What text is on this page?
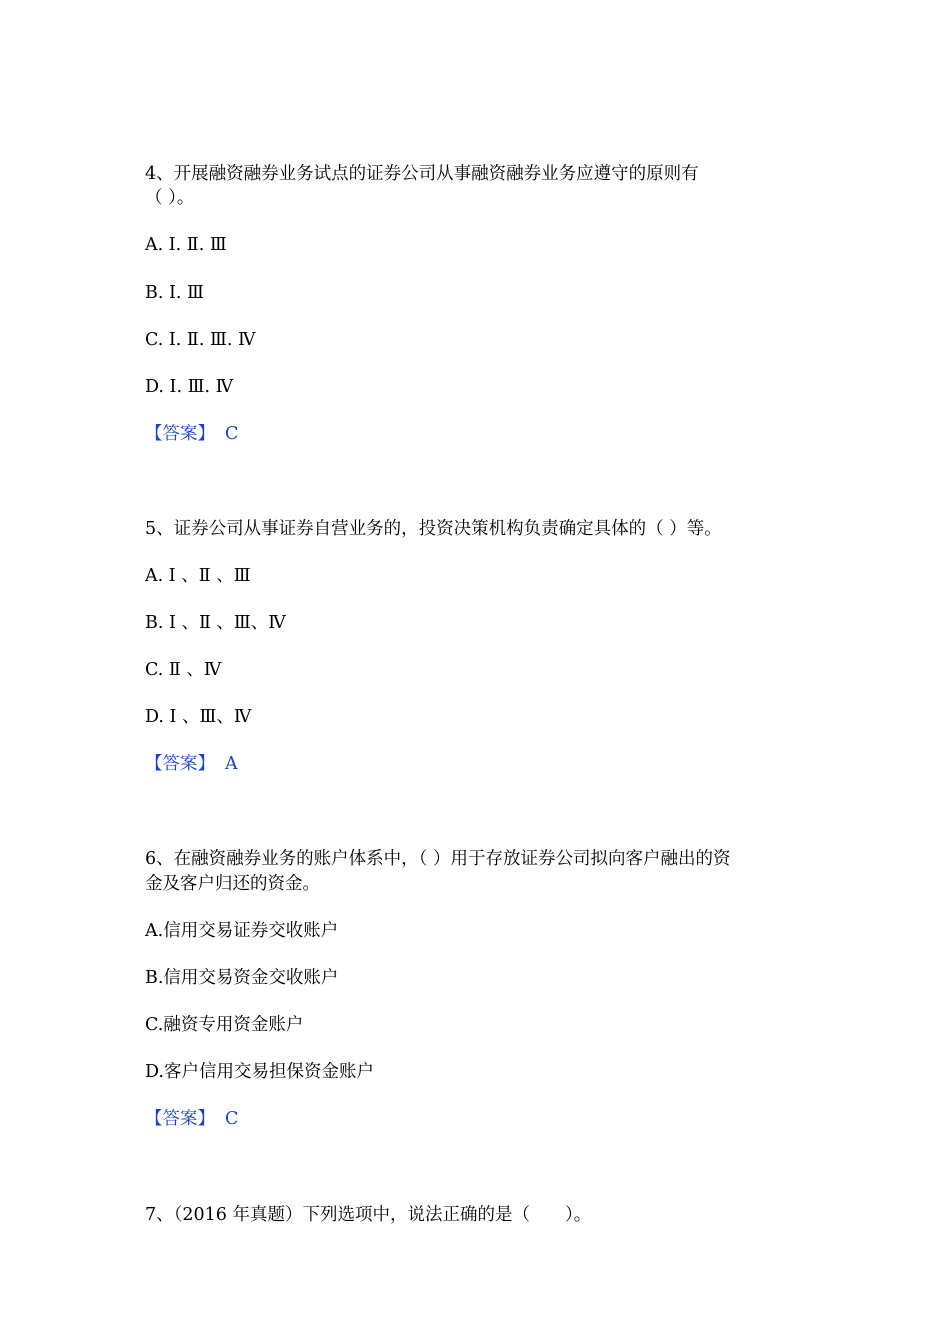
4、开展融资融券业务试点的证券公司从事融资融券业务应遵守的原则有
（ ）。
A. Ⅰ. Ⅱ. Ⅲ
B. Ⅰ. Ⅲ
C. Ⅰ. Ⅱ. Ⅲ. Ⅳ
D. Ⅰ. Ⅲ. Ⅳ
【答案】 C
5、证券公司从事证券自营业务的，投资决策机构负责确定具体的（ ）等。
A. Ⅰ 、Ⅱ 、Ⅲ
B. Ⅰ 、Ⅱ 、Ⅲ、Ⅳ
C. Ⅱ 、Ⅳ
D. Ⅰ 、Ⅲ、Ⅳ
【答案】 A
6、在融资融券业务的账户体系中，（ ）用于存放证券公司拟向客户融出的资
金及客户归还的资金。
A.信用交易证券交收账户
B.信用交易资金交收账户
C.融资专用资金账户
D.客户信用交易担保资金账户
【答案】 C
7、（2016 年真题）下列选项中，说法正确的是（　　）。
